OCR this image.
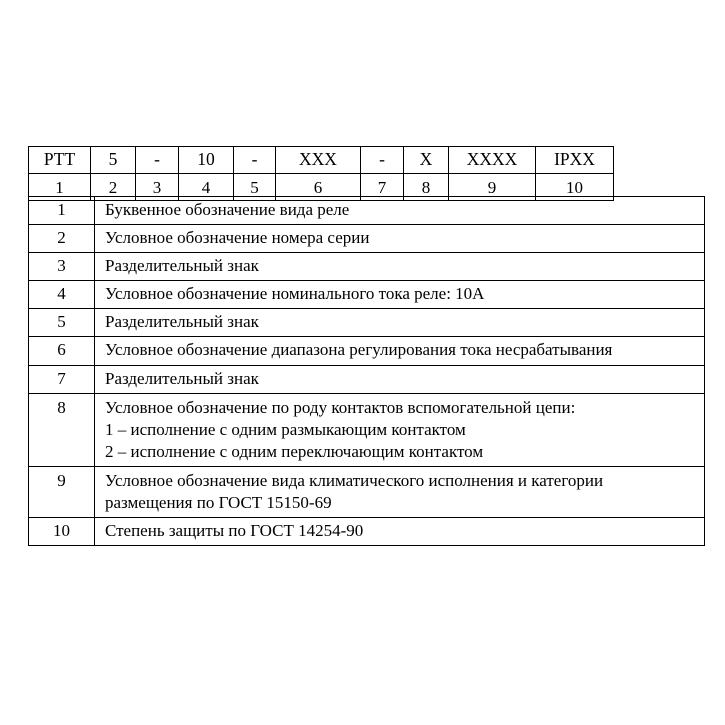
РТТ	5	-	10	-	XXX	-	X	XXXX	IPXX
1	2	3	4	5	6	7	8	9	10
1	Буквенное обозначение вида реле

2	Условное обозначение номера серии

3	Разделительный знак

4	Условное обозначение номинального тока реле: 10А

5	Разделительный знак

6	Условное обозначение диапазона регулирования тока несрабатывания

7	Разделительный знак

8	Условное обозначение по роду контактов вспомогательной цепи:
1 – исполнение с одним размыкающим контактом
2 – исполнение с одним переключающим контактом

9	Условное обозначение вида климатического исполнения и категории
размещения по ГОСТ 15150-69

10	Степень защиты по ГОСТ 14254-90
